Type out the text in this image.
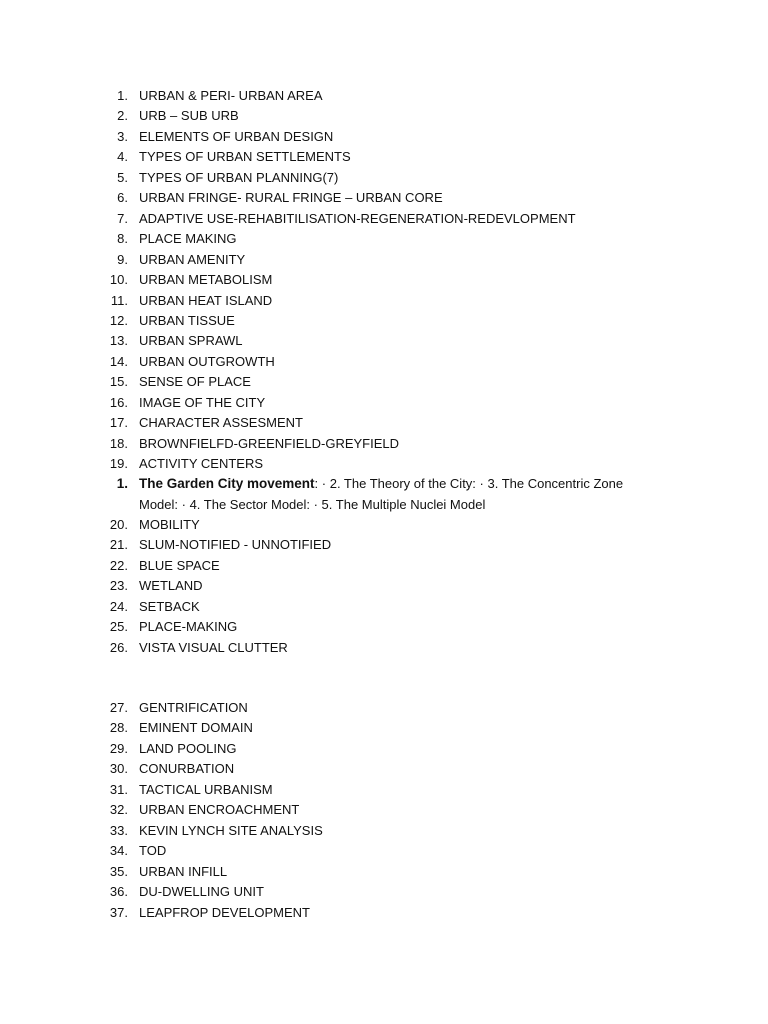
1. URBAN & PERI- URBAN AREA
2. URB – SUB URB
3. ELEMENTS OF URBAN DESIGN
4. TYPES OF URBAN SETTLEMENTS
5. TYPES OF URBAN PLANNING(7)
6. URBAN FRINGE- RURAL FRINGE – URBAN CORE
7. ADAPTIVE USE-REHABITILISATION-REGENERATION-REDEVLOPMENT
8. PLACE MAKING
9. URBAN AMENITY
10. URBAN METABOLISM
11. URBAN HEAT ISLAND
12. URBAN TISSUE
13. URBAN SPRAWL
14. URBAN OUTGROWTH
15. SENSE OF PLACE
16. IMAGE OF THE CITY
17. CHARACTER ASSESMENT
18. BROWNFIELFD-GREENFIELD-GREYFIELD
19. ACTIVITY CENTERS
1. The Garden City movement: · 2. The Theory of the City: · 3. The Concentric Zone Model: · 4. The Sector Model: · 5. The Multiple Nuclei Model
20. MOBILITY
21. SLUM-NOTIFIED - UNNOTIFIED
22. BLUE SPACE
23. WETLAND
24. SETBACK
25. PLACE-MAKING
26. VISTA VISUAL CLUTTER
27. GENTRIFICATION
28. EMINENT DOMAIN
29. LAND POOLING
30. CONURBATION
31. TACTICAL URBANISM
32. URBAN ENCROACHMENT
33. KEVIN LYNCH SITE ANALYSIS
34. TOD
35. URBAN INFILL
36. DU-DWELLING UNIT
37. LEAPFROP DEVELOPMENT
